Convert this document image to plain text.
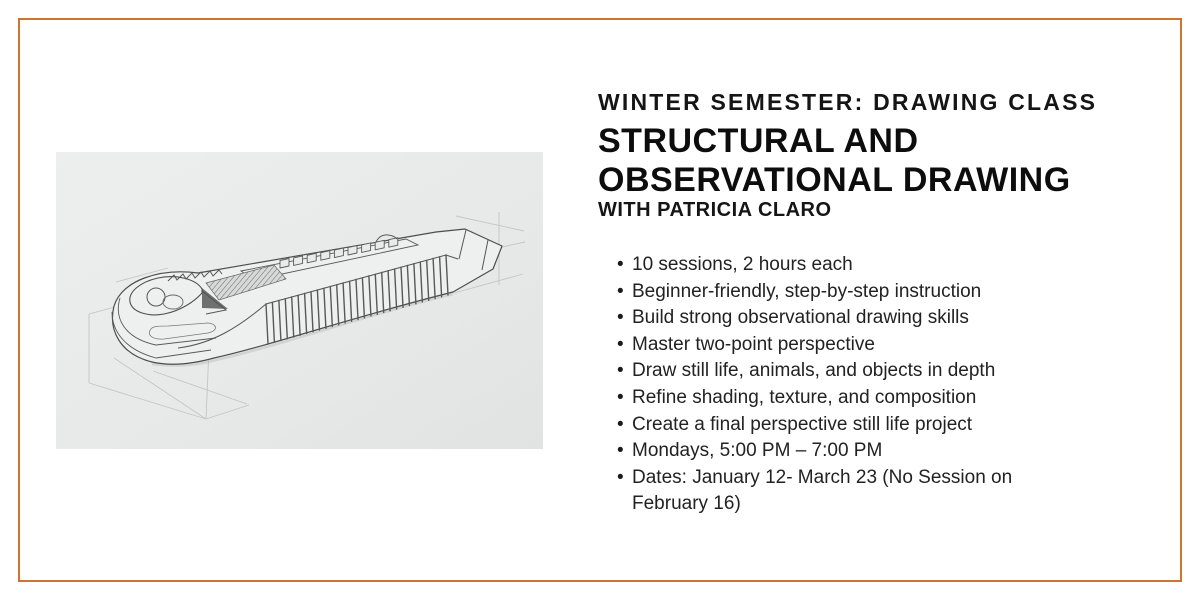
WINTER SEMESTER: DRAWING CLASS
STRUCTURAL AND
OBSERVATIONAL DRAWING
WITH PATRICIA CLARO
• 10 sessions, 2 hours each
• Beginner-friendly, step-by-step instruction
• Build strong observational drawing skills
• Master two-point perspective
• Draw still life, animals, and objects in depth
• Refine shading, texture, and composition
• Create a final perspective still life project
• Mondays, 5:00 PM – 7:00 PM
• Dates: January 12- March 23 (No Session on February 16)
